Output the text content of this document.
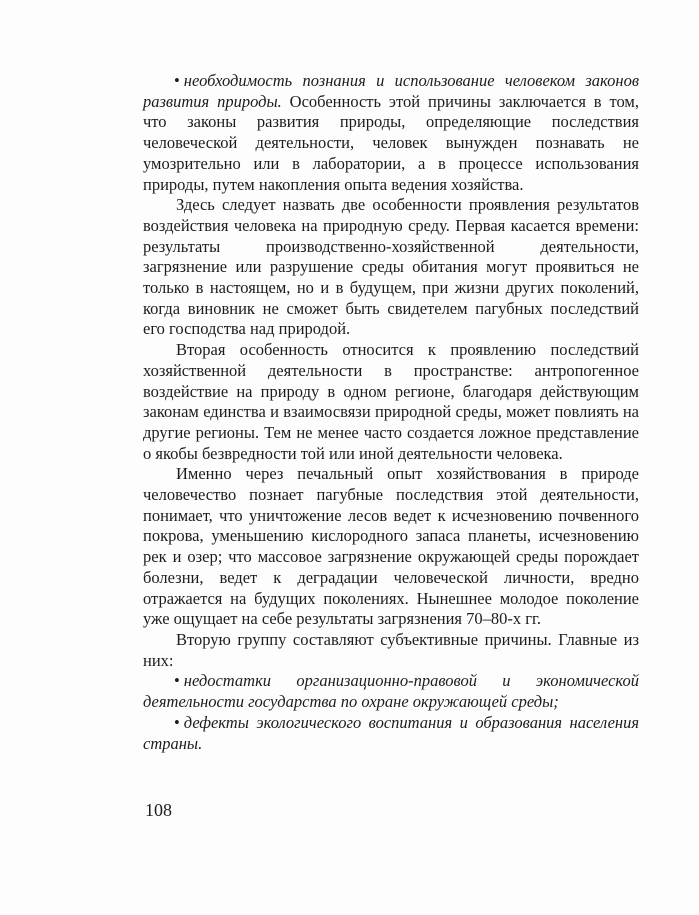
• необходимость познания и использование человеком законов развития природы. Особенность этой причины заключается в том, что законы развития природы, определяющие последствия человеческой деятельности, человек вынужден познавать не умозрительно или в лаборатории, а в процессе использования природы, путем накопления опыта ведения хозяйства.

Здесь следует назвать две особенности проявления результатов воздействия человека на природную среду. Первая касается времени: результаты производственно-хозяйственной деятельности, загрязнение или разрушение среды обитания могут проявиться не только в настоящем, но и в будущем, при жизни других поколений, когда виновник не сможет быть свидетелем пагубных последствий его господства над природой.

Вторая особенность относится к проявлению последствий хозяйственной деятельности в пространстве: антропогенное воздействие на природу в одном регионе, благодаря действующим законам единства и взаимосвязи природной среды, может повлиять на другие регионы. Тем не менее часто создается ложное представление о якобы безвредности той или иной деятельности человека.

Именно через печальный опыт хозяйствования в природе человечество познает пагубные последствия этой деятельности, понимает, что уничтожение лесов ведет к исчезновению почвенного покрова, уменьшению кислородного запаса планеты, исчезновению рек и озер; что массовое загрязнение окружающей среды порождает болезни, ведет к деградации человеческой личности, вредно отражается на будущих поколениях. Нынешнее молодое поколение уже ощущает на себе результаты загрязнения 70–80-х гг.

Вторую группу составляют субъективные причины. Главные из них:

• недостатки организационно-правовой и экономической деятельности государства по охране окружающей среды;

• дефекты экологического воспитания и образования населения страны.

108
